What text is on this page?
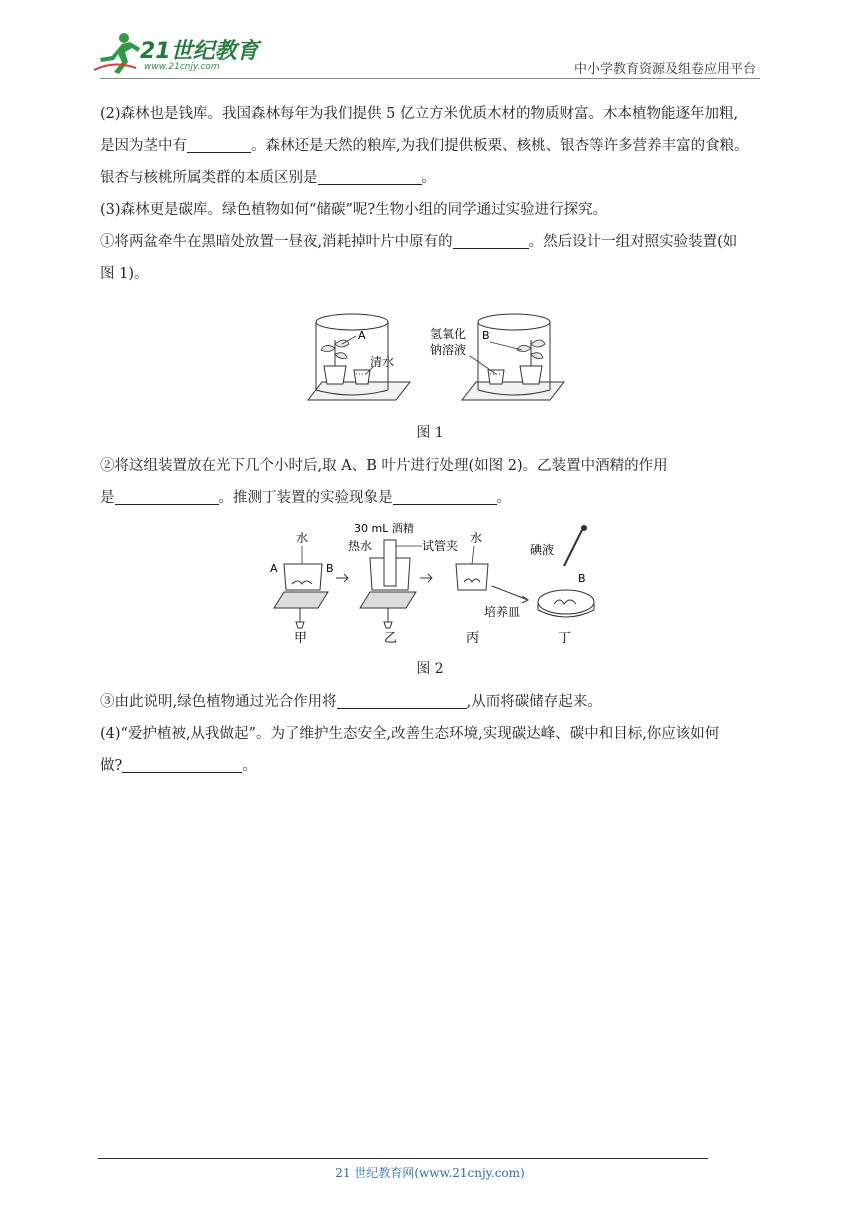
21世纪教育
www.21cnjy.com	中小学教育资源及组卷应用平台

(2)森林也是钱库。我国森林每年为我们提供 5 亿立方米优质木材的物质财富。木本植物能逐年加粗,

是因为茎中有	。森林还是天然的粮库,为我们提供板栗、核桃、银杏等许多营养丰富的食粮。

银杏与核桃所属类群的本质区别是	。

(3)森林更是碳库。绿色植物如何“储碳”呢?生物小组的同学通过实验进行探究。

①将两盆牵牛在黑暗处放置一昼夜,消耗掉叶片中原有的	。然后设计一组对照实验装置(如

图 1)。

A
清水
B
氢氧化
钠溶液
图 1

②将这组装置放在光下几个小时后,取 A、B 叶片进行处理(如图 2)。乙装置中酒精的作用

是	。推测丁装置的实验现象是	。

水
A	B
甲
30 mL 酒精
热水	试管夹
乙
水
丙
碘液
B
培养皿
丁
图 2

③由此说明,绿色植物通过光合作用将	,从而将碳储存起来。

(4)“爱护植被,从我做起”。为了维护生态安全,改善生态环境,实现碳达峰、碳中和目标,你应该如何

做?	。

21 世纪教育网(www.21cnjy.com)
